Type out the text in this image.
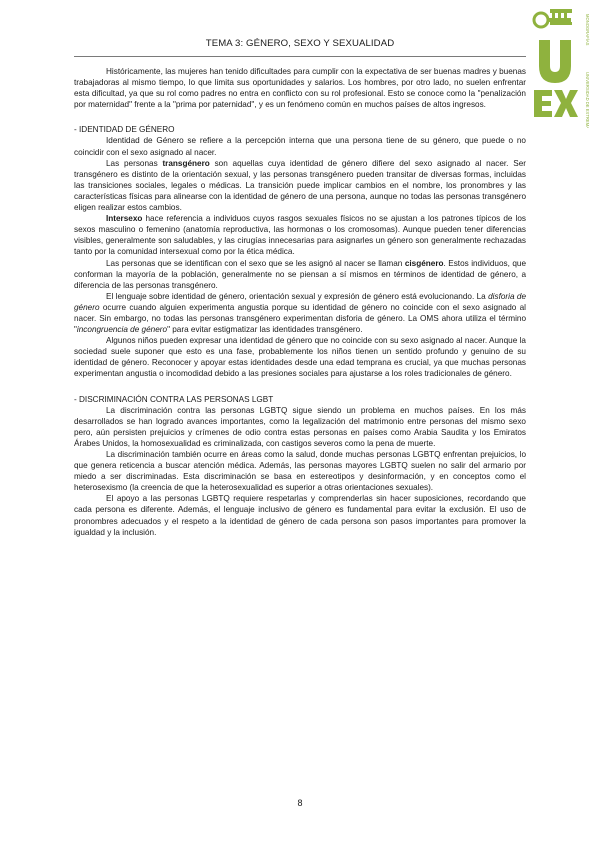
TEMA 3: GÉNERO, SEXO Y SEXUALIDAD	MONOGRAFÍAS
UNIVERSIDAD DE EXTREMADURA

Históricamente, las mujeres han tenido dificultades para cumplir con la expectativa de ser buenas madres y buenas trabajadoras al mismo tiempo, lo que limita sus oportunidades y salarios. Los hombres, por otro lado, no suelen enfrentar esta dificultad, ya que su rol como padres no entra en conflicto con su rol profesional. Esto se conoce como la "penalización por maternidad" frente a la "prima por paternidad", y es un fenómeno común en muchos países de altos ingresos.

- IDENTIDAD DE GÉNERO

Identidad de Género se refiere a la percepción interna que una persona tiene de su género, que puede o no coincidir con el sexo asignado al nacer.

Las personas transgénero son aquellas cuya identidad de género difiere del sexo asignado al nacer. Ser transgénero es distinto de la orientación sexual, y las personas transgénero pueden transitar de diversas formas, incluidas las transiciones sociales, legales o médicas. La transición puede implicar cambios en el nombre, los pronombres y las características físicas para alinearse con la identidad de género de una persona, aunque no todas las personas transgénero eligen realizar estos cambios.

Intersexo hace referencia a individuos cuyos rasgos sexuales físicos no se ajustan a los patrones típicos de los sexos masculino o femenino (anatomía reproductiva, las hormonas o los cromosomas). Aunque pueden tener diferencias visibles, generalmente son saludables, y las cirugías innecesarias para asignarles un género son generalmente rechazadas tanto por la comunidad intersexual como por la ética médica.

Las personas que se identifican con el sexo que se les asignó al nacer se llaman cisgénero. Estos individuos, que conforman la mayoría de la población, generalmente no se piensan a sí mismos en términos de identidad de género, a diferencia de las personas transgénero.

El lenguaje sobre identidad de género, orientación sexual y expresión de género está evolucionando. La disforia de género ocurre cuando alguien experimenta angustia porque su identidad de género no coincide con el sexo asignado al nacer. Sin embargo, no todas las personas transgénero experimentan disforia de género. La OMS ahora utiliza el término "incongruencia de género" para evitar estigmatizar las identidades transgénero.

Algunos niños pueden expresar una identidad de género que no coincide con su sexo asignado al nacer. Aunque la sociedad suele suponer que esto es una fase, probablemente los niños tienen un sentido profundo y genuino de su identidad de género. Reconocer y apoyar estas identidades desde una edad temprana es crucial, ya que muchas personas experimentan angustia o incomodidad debido a las presiones sociales para ajustarse a los roles tradicionales de género.

- DISCRIMINACIÓN CONTRA LAS PERSONAS LGBT

La discriminación contra las personas LGBTQ sigue siendo un problema en muchos países. En los más desarrollados se han logrado avances importantes, como la legalización del matrimonio entre personas del mismo sexo pero, aún persisten prejuicios y crímenes de odio contra estas personas en países como Arabia Saudita y los Emiratos Árabes Unidos, la homosexualidad es criminalizada, con castigos severos como la pena de muerte.

La discriminación también ocurre en áreas como la salud, donde muchas personas LGBTQ enfrentan prejuicios, lo que genera reticencia a buscar atención médica. Además, las personas mayores LGBTQ suelen no salir del armario por miedo a ser discriminadas. Esta discriminación se basa en estereotipos y desinformación, y en conceptos como el heterosexismo (la creencia de que la heterosexualidad es superior a otras orientaciones sexuales).

El apoyo a las personas LGBTQ requiere respetarlas y comprenderlas sin hacer suposiciones, recordando que cada persona es diferente. Además, el lenguaje inclusivo de género es fundamental para evitar la exclusión. El uso de pronombres adecuados y el respeto a la identidad de género de cada persona son pasos importantes para promover la igualdad y la inclusión.

8
